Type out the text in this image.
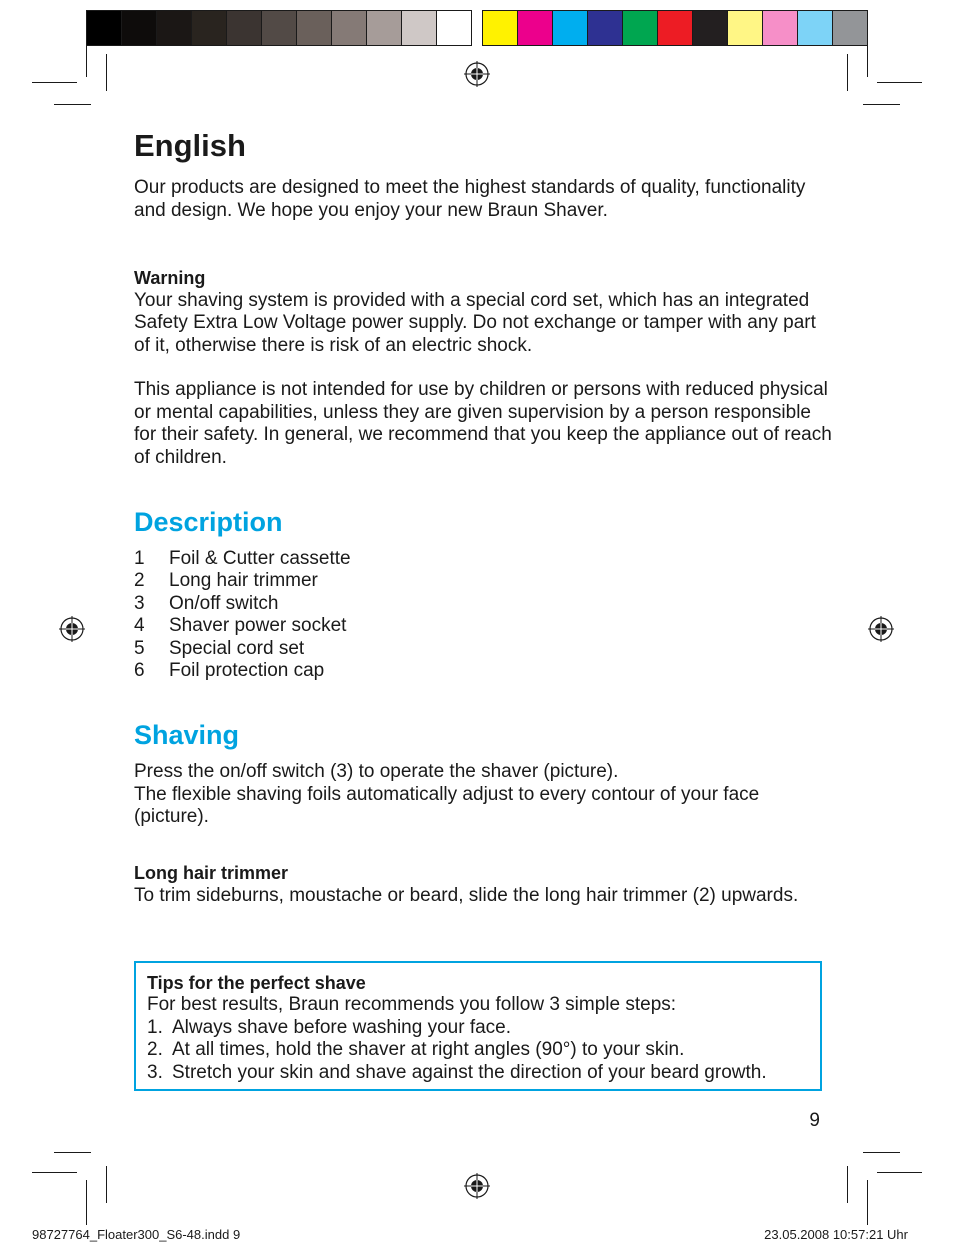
English

Our products are designed to meet the highest standards of quality, functionality and design. We hope you enjoy your new Braun Shaver.

Warning
Your shaving system is provided with a special cord set, which has an integrated Safety Extra Low Voltage power supply. Do not exchange or tamper with any part of it, otherwise there is risk of an electric shock.

This appliance is not intended for use by children or persons with reduced physical or mental capabilities, unless they are given supervision by a person responsible for their safety. In general, we recommend that you keep the appliance out of reach of children.

Description
1	Foil & Cutter cassette
2	Long hair trimmer
3	On/off switch
4	Shaver power socket
5	Special cord set
6	Foil protection cap
Shaving
Press the on/off switch (3) to operate the shaver (picture).
The flexible shaving foils automatically adjust to every contour of your face (picture).
Long hair trimmer
To trim sideburns, moustache or beard, slide the long hair trimmer (2) upwards.
Tips for the perfect shave
For best results, Braun recommends you follow 3 simple steps:
1. Always shave before washing your face.
2. At all times, hold the shaver at right angles (90°) to your skin.
3. Stretch your skin and shave against the direction of your beard growth.
9
98727764_Floater300_S6-48.indd 9	23.05.2008 10:57:21 Uhr
